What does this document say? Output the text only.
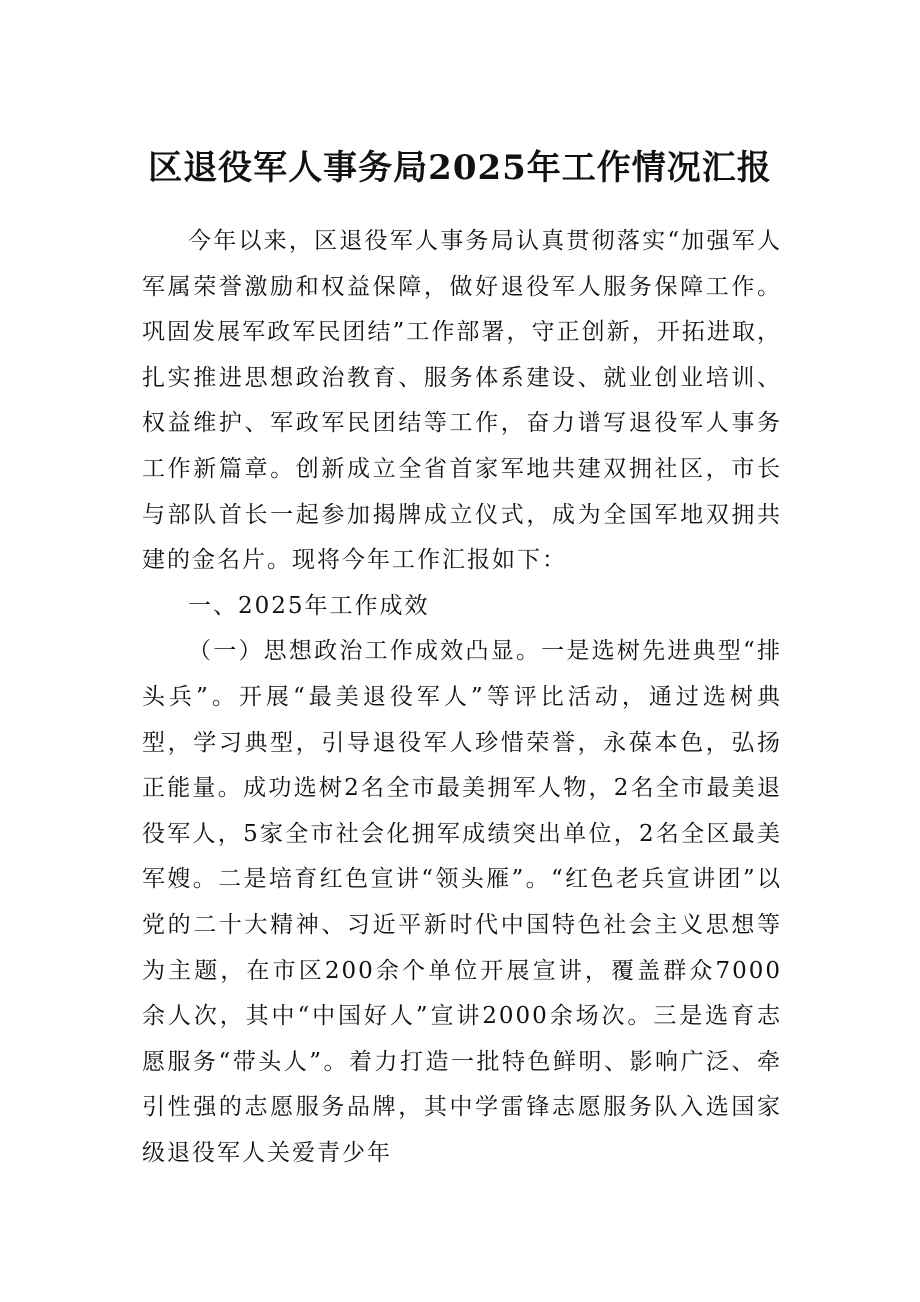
区退役军人事务局2025年工作情况汇报

今年以来，区退役军人事务局认真贯彻落实“加强军人军属荣誉激励和权益保障，做好退役军人服务保障工作。巩固发展军政军民团结”工作部署，守正创新，开拓进取，扎实推进思想政治教育、服务体系建设、就业创业培训、权益维护、军政军民团结等工作，奋力谱写退役军人事务工作新篇章。创新成立全省首家军地共建双拥社区，市长与部队首长一起参加揭牌成立仪式，成为全国军地双拥共建的金名片。现将今年工作汇报如下：

一、2025年工作成效

（一）思想政治工作成效凸显。一是选树先进典型“排头兵”。开展“最美退役军人”等评比活动，通过选树典型，学习典型，引导退役军人珍惜荣誉，永葆本色，弘扬正能量。成功选树2名全市最美拥军人物，2名全市最美退役军人，5家全市社会化拥军成绩突出单位，2名全区最美军嫂。二是培育红色宣讲“领头雁”。“红色老兵宣讲团”以党的二十大精神、习近平新时代中国特色社会主义思想等为主题，在市区200余个单位开展宣讲，覆盖群众7000余人次，其中“中国好人”宣讲2000余场次。三是选育志愿服务“带头人”。着力打造一批特色鲜明、影响广泛、牵引性强的志愿服务品牌，其中学雷锋志愿服务队入选国家级退役军人关爱青少年
